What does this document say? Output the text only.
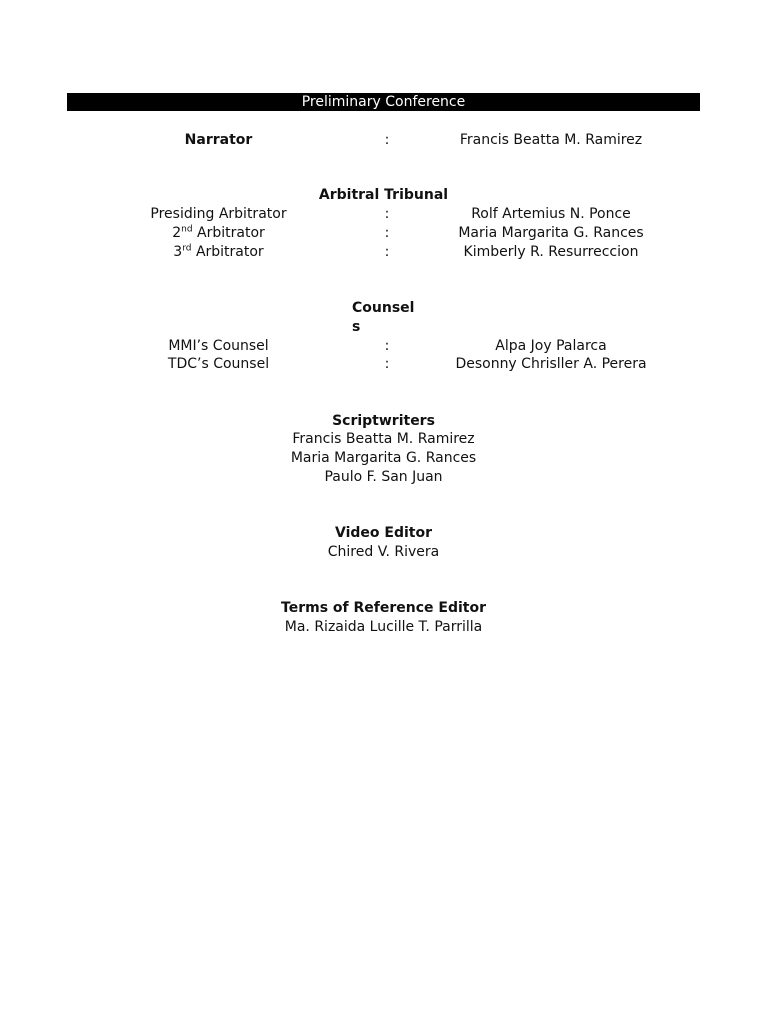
Preliminary Conference
Narrator	:	Francis Beatta M. Ramirez
Arbitral Tribunal
Presiding Arbitrator	:	Rolf Artemius N. Ponce
2nd Arbitrator	:	Maria Margarita G. Rances
3rd Arbitrator	:	Kimberly R. Resurreccion
Counsels
MMI’s Counsel	:	Alpa Joy Palarca
TDC’s Counsel	:	Desonny Chrisller A. Perera
Scriptwriters
Francis Beatta M. Ramirez
Maria Margarita G. Rances
Paulo F. San Juan
Video Editor
Chired V. Rivera
Terms of Reference Editor
Ma. Rizaida Lucille T. Parrilla
